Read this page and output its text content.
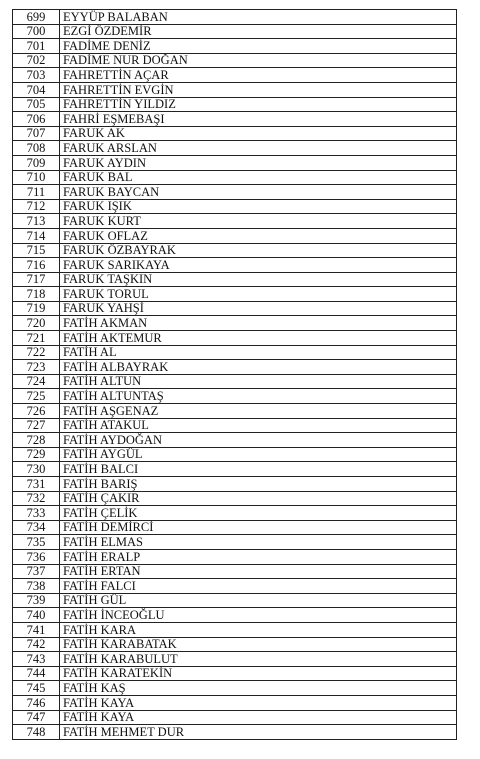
699	EYYÜP BALABAN
700	EZGİ ÖZDEMİR
701	FADİME DENİZ
702	FADİME NUR DOĞAN
703	FAHRETTİN AÇAR
704	FAHRETTİN EVGİN
705	FAHRETTİN YILDIZ
706	FAHRİ EŞMEBAŞI
707	FARUK AK
708	FARUK ARSLAN
709	FARUK AYDIN
710	FARUK BAL
711	FARUK BAYCAN
712	FARUK IŞIK
713	FARUK KURT
714	FARUK OFLAZ
715	FARUK ÖZBAYRAK
716	FARUK SARIKAYA
717	FARUK TAŞKIN
718	FARUK TORUL
719	FARUK YAHŞİ
720	FATİH AKMAN
721	FATİH AKTEMUR
722	FATİH AL
723	FATİH ALBAYRAK
724	FATİH ALTUN
725	FATİH ALTUNTAŞ
726	FATİH AŞGENAZ
727	FATİH ATAKUL
728	FATİH AYDOĞAN
729	FATİH AYGÜL
730	FATİH BALCI
731	FATİH BARIŞ
732	FATİH ÇAKIR
733	FATİH ÇELİK
734	FATİH DEMİRCİ
735	FATİH ELMAS
736	FATİH ERALP
737	FATİH ERTAN
738	FATİH FALCI
739	FATİH GÜL
740	FATİH İNCEOĞLU
741	FATİH KARA
742	FATİH KARABATAK
743	FATİH KARABULUT
744	FATİH KARATEKİN
745	FATİH KAŞ
746	FATİH KAYA
747	FATİH KAYA
748	FATİH MEHMET DUR
